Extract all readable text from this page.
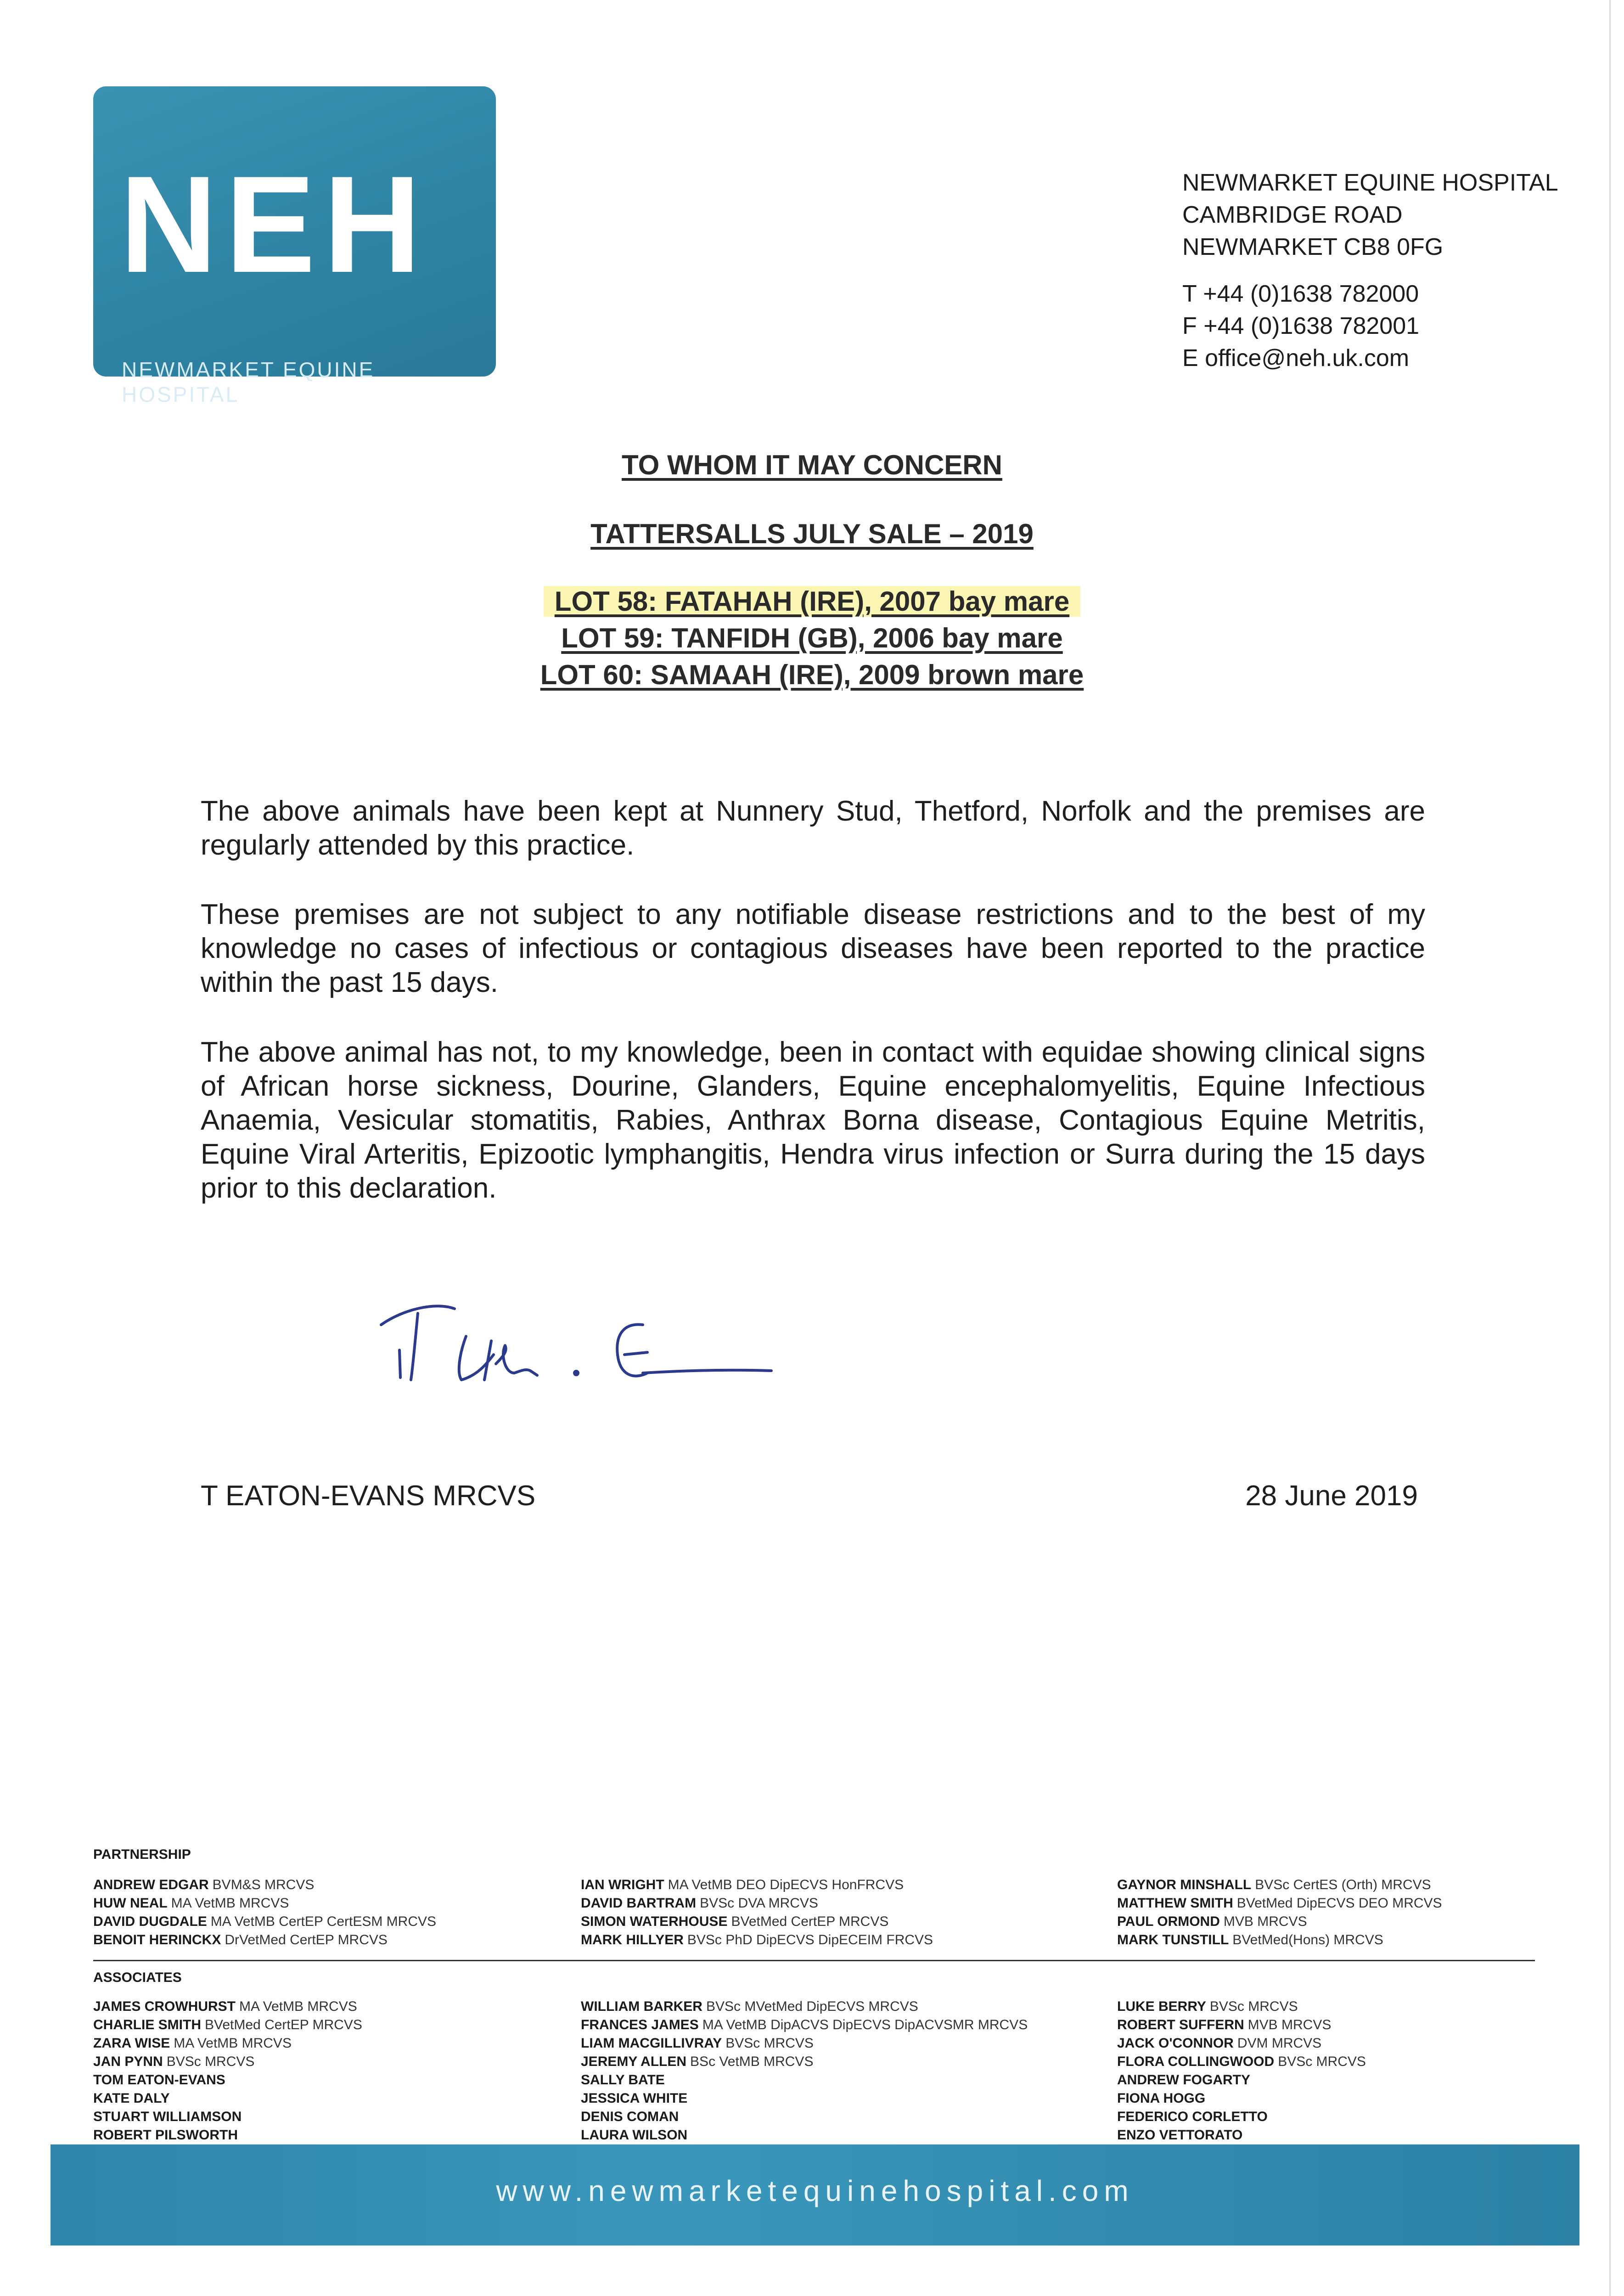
NEH
NEWMARKET EQUINE HOSPITAL
NEWMARKET EQUINE HOSPITAL
CAMBRIDGE ROAD
NEWMARKET CB8 0FG
T +44 (0)1638 782000
F +44 (0)1638 782001
E office@neh.uk.com
TO WHOM IT MAY CONCERN
TATTERSALLS JULY SALE – 2019
LOT 58: FATAHAH (IRE), 2007 bay mare
LOT 59: TANFIDH (GB), 2006 bay mare
LOT 60: SAMAAH (IRE), 2009 brown mare
The above animals have been kept at Nunnery Stud, Thetford, Norfolk and the premises are regularly attended by this practice.
These premises are not subject to any notifiable disease restrictions and to the best of my knowledge no cases of infectious or contagious diseases have been reported to the practice within the past 15 days.
The above animal has not, to my knowledge, been in contact with equidae showing clinical signs of African horse sickness, Dourine, Glanders, Equine encephalomyelitis, Equine Infectious Anaemia, Vesicular stomatitis, Rabies, Anthrax Borna disease, Contagious Equine Metritis, Equine Viral Arteritis, Epizootic lymphangitis, Hendra virus infection or Surra during the 15 days prior to this declaration.
T EATON-EVANS MRCVS	28 June 2019
PARTNERSHIP
ANDREW EDGAR BVM&S MRCVS
HUW NEAL MA VetMB MRCVS
DAVID DUGDALE MA VetMB CertEP CertESM MRCVS
BENOIT HERINCKX DrVetMed CertEP MRCVS
IAN WRIGHT MA VetMB DEO DipECVS HonFRCVS
DAVID BARTRAM BVSc DVA MRCVS
SIMON WATERHOUSE BVetMed CertEP MRCVS
MARK HILLYER BVSc PhD DipECVS DipECEIM FRCVS
GAYNOR MINSHALL BVSc CertES (Orth) MRCVS
MATTHEW SMITH BVetMed DipECVS DEO MRCVS
PAUL ORMOND MVB MRCVS
MARK TUNSTILL BVetMed(Hons) MRCVS
ASSOCIATES
JAMES CROWHURST MA VetMB MRCVS
CHARLIE SMITH BVetMed CertEP MRCVS
ZARA WISE MA VetMB MRCVS
JAN PYNN BVSc MRCVS
TOM EATON-EVANS
KATE DALY
STUART WILLIAMSON
ROBERT PILSWORTH
WILLIAM BARKER BVSc MVetMed DipECVS MRCVS
FRANCES JAMES MA VetMB DipACVS DipECVS DipACVSMR MRCVS
LIAM MACGILLIVRAY BVSc MRCVS
JEREMY ALLEN BSc VetMB MRCVS
SALLY BATE
JESSICA WHITE
DENIS COMAN
LAURA WILSON
LUKE BERRY BVSc MRCVS
ROBERT SUFFERN MVB MRCVS
JACK O'CONNOR DVM MRCVS
FLORA COLLINGWOOD BVSc MRCVS
ANDREW FOGARTY
FIONA HOGG
FEDERICO CORLETTO
ENZO VETTORATO
www.newmarketequinehospital.com
